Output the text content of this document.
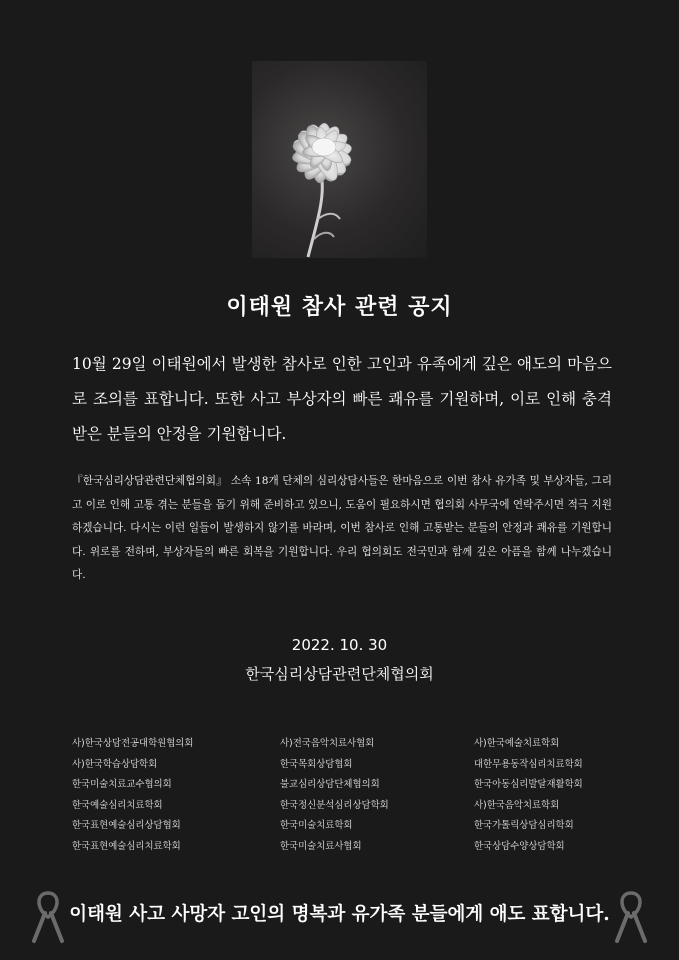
이태원 참사 관련 공지
10월 29일 이태원에서 발생한 참사로 인한 고인과 유족에게 깊은 애도의 마음으로 조의를 표합니다. 또한 사고 부상자의 빠른 쾌유를 기원하며, 이로 인해 충격받은 분들의 안정을 기원합니다.
『한국심리상담관련단체협의회』 소속 18개 단체의 심리상담사들은 한마음으로 이번 참사 유가족 및 부상자들, 그리고 이로 인해 고통 겪는 분들을 돕기 위해 준비하고 있으니, 도움이 필요하시면 협의회 사무국에 연락주시면 적극 지원하겠습니다. 다시는 이런 일들이 발생하지 않기를 바라며, 이번 참사로 인해 고통받는 분들의 안정과 쾌유를 기원합니다. 위로를 전하며, 부상자들의 빠른 회복을 기원합니다. 우리 협의회도 전국민과 함께 깊은 아픔을 함께 나누겠습니다.
2022. 10. 30
한국심리상담관련단체협의회
사)한국상담전공대학원협의회
사)한국학습상담학회
한국미술치료교수협의회
한국예술심리치료학회
한국표현예술심리상담협회
한국표현예술심리치료학회
사)전국음악치료사협회
한국목회상담협회
불교심리상담단체협의회
한국정신분석심리상담학회
한국미술치료학회
한국미술치료사협회
사)한국예술치료학회
대한무용동작심리치료학회
한국아동심리발달재활학회
사)한국음악치료학회
한국가톨릭상담심리학회
한국상담수양상담학회
이태원 사고 사망자 고인의 명복과 유가족 분들에게 애도 표합니다.
